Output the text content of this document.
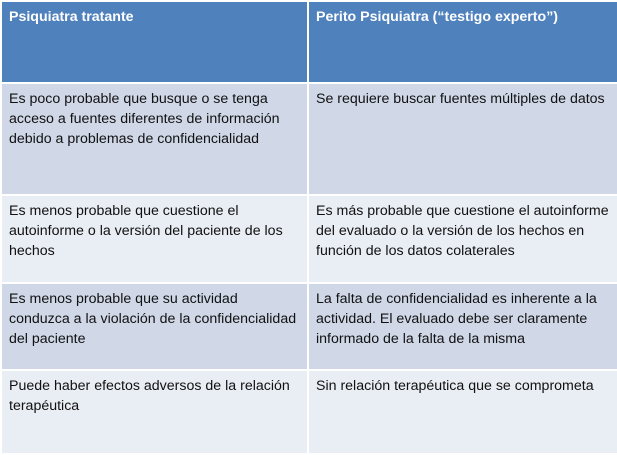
Psiquiatra tratante	Perito Psiquiatra (“testigo experto”)
Es poco probable que busque o se tenga acceso a fuentes diferentes de información debido a problemas de confidencialidad	Se requiere buscar fuentes múltiples de datos
Es menos probable que cuestione el autoinforme o la versión del paciente de los hechos	Es más probable que cuestione el autoinforme del evaluado o la versión de los hechos en función de los datos colaterales
Es menos probable que su actividad conduzca a la violación de la confidencialidad del paciente	La falta de confidencialidad es inherente a la actividad. El evaluado debe ser claramente informado de la falta de la misma
Puede haber efectos adversos de la relación terapéutica	Sin relación terapéutica que se comprometa
